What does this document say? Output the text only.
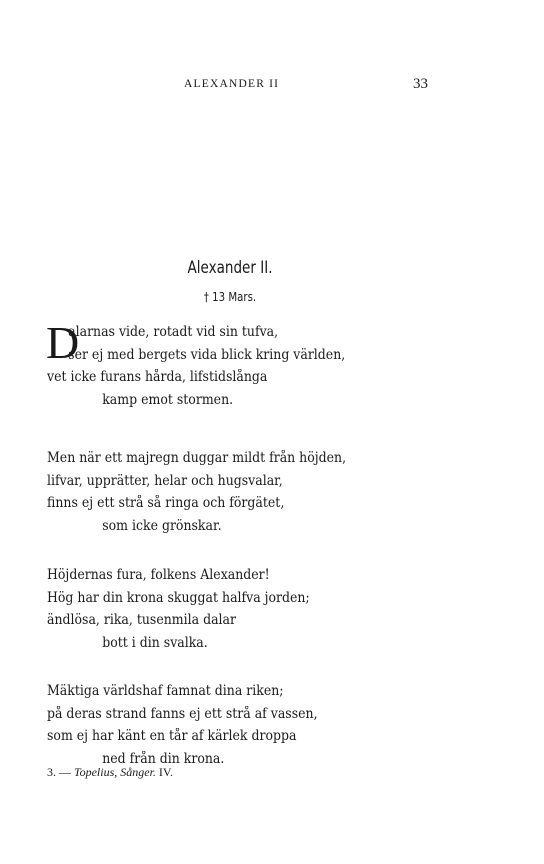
ALEXANDER II	33
Alexander II.
† 13 Mars.
D
alarnas vide, rotadt vid sin tufva,
ser ej med bergets vida blick kring världen,
vet icke furans hårda, lifstidslånga
kamp emot stormen.
Men när ett majregn duggar mildt från höjden,
lifvar, upprätter, helar och hugsvalar,
finns ej ett strå så ringa och förgätet,
som icke grönskar.
Höjdernas fura, folkens Alexander!
Hög har din krona skuggat halfva jorden;
ändlösa, rika, tusenmila dalar
bott i din svalka.
Mäktiga världshaf famnat dina riken;
på deras strand fanns ej ett strå af vassen,
som ej har känt en tår af kärlek droppa
ned från din krona.
3. — Topelius, Sånger. IV.
